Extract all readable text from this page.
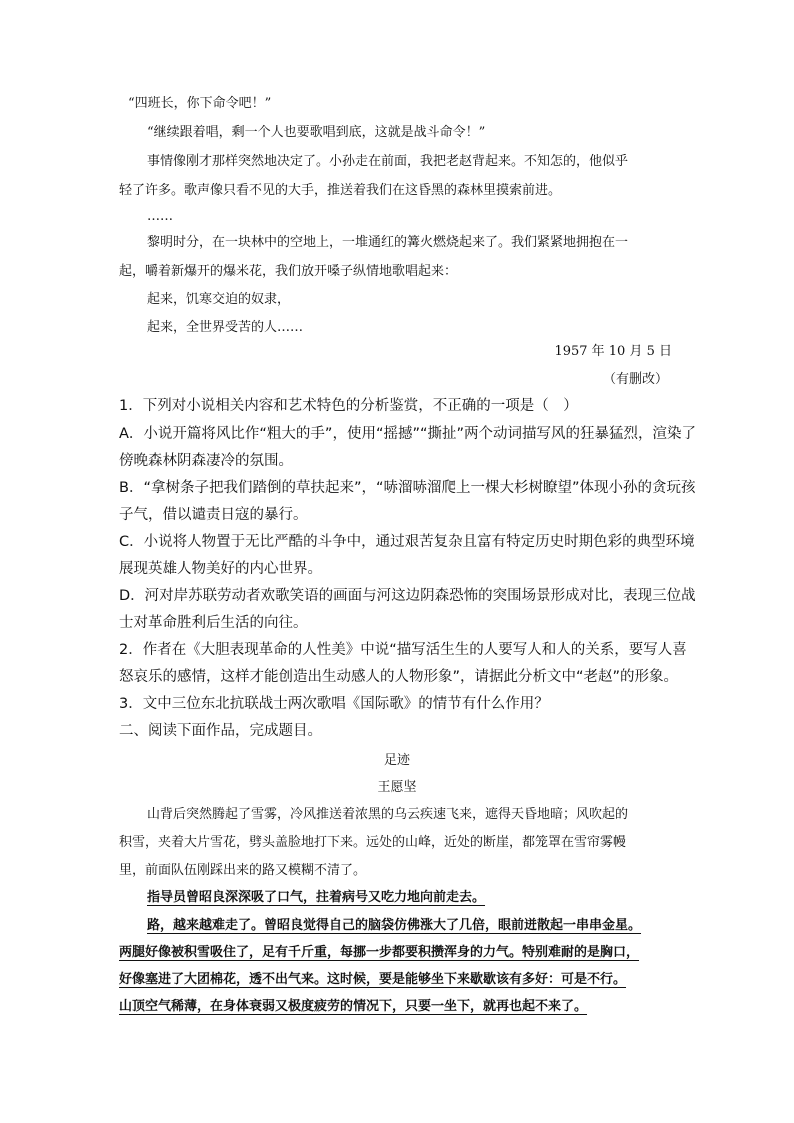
“四班长，你下命令吧！”
“继续跟着唱，剩一个人也要歌唱到底，这就是战斗命令！”
事情像刚才那样突然地决定了。小孙走在前面，我把老赵背起来。不知怎的，他似乎
轻了许多。歌声像只看不见的大手，推送着我们在这昏黑的森林里摸索前进。
……
黎明时分，在一块林中的空地上，一堆通红的篝火燃烧起来了。我们紧紧地拥抱在一
起，嚼着新爆开的爆米花，我们放开嗓子纵情地歌唱起来：
起来，饥寒交迫的奴隶，
起来，全世界受苦的人……
1957 年 10 月 5 日
（有删改）
1．下列对小说相关内容和艺术特色的分析鉴赏，不正确的一项是（　）
A．小说开篇将风比作“粗大的手”，使用“摇撼”“撕扯”两个动词描写风的狂暴猛烈，渲染了
傍晚森林阴森凄冷的氛围。
B．“拿树条子把我们踏倒的草扶起来”，“哧溜哧溜爬上一棵大杉树瞭望”体现小孙的贪玩孩
子气，借以谴责日寇的暴行。
C．小说将人物置于无比严酷的斗争中，通过艰苦复杂且富有特定历史时期色彩的典型环境
展现英雄人物美好的内心世界。
D．河对岸苏联劳动者欢歌笑语的画面与河这边阴森恐怖的突围场景形成对比，表现三位战
士对革命胜利后生活的向往。
2．作者在《大胆表现革命的人性美》中说“描写活生生的人要写人和人的关系，要写人喜
怒哀乐的感情，这样才能创造出生动感人的人物形象”，请据此分析文中“老赵”的形象。
3．文中三位东北抗联战士两次歌唱《国际歌》的情节有什么作用？
二、阅读下面作品，完成题目。
足迹
王愿坚
山背后突然腾起了雪雾，冷风推送着浓黑的乌云疾速飞来，遮得天昏地暗；风吹起的
积雪，夹着大片雪花，劈头盖脸地打下来。远处的山峰，近处的断崖，都笼罩在雪帘雾幔
里，前面队伍刚踩出来的路又模糊不清了。
指导员曾昭良深深吸了口气，拄着病号又吃力地向前走去。
路，越来越难走了。曾昭良觉得自己的脑袋仿佛涨大了几倍，眼前迸散起一串串金星。
两腿好像被积雪吸住了，足有千斤重，每挪一步都要积攒浑身的力气。特别难耐的是胸口，
好像塞进了大团棉花，透不出气来。这时候，要是能够坐下来歇歇该有多好：可是不行。
山顶空气稀薄，在身体衰弱又极度疲劳的情况下，只要一坐下，就再也起不来了。
